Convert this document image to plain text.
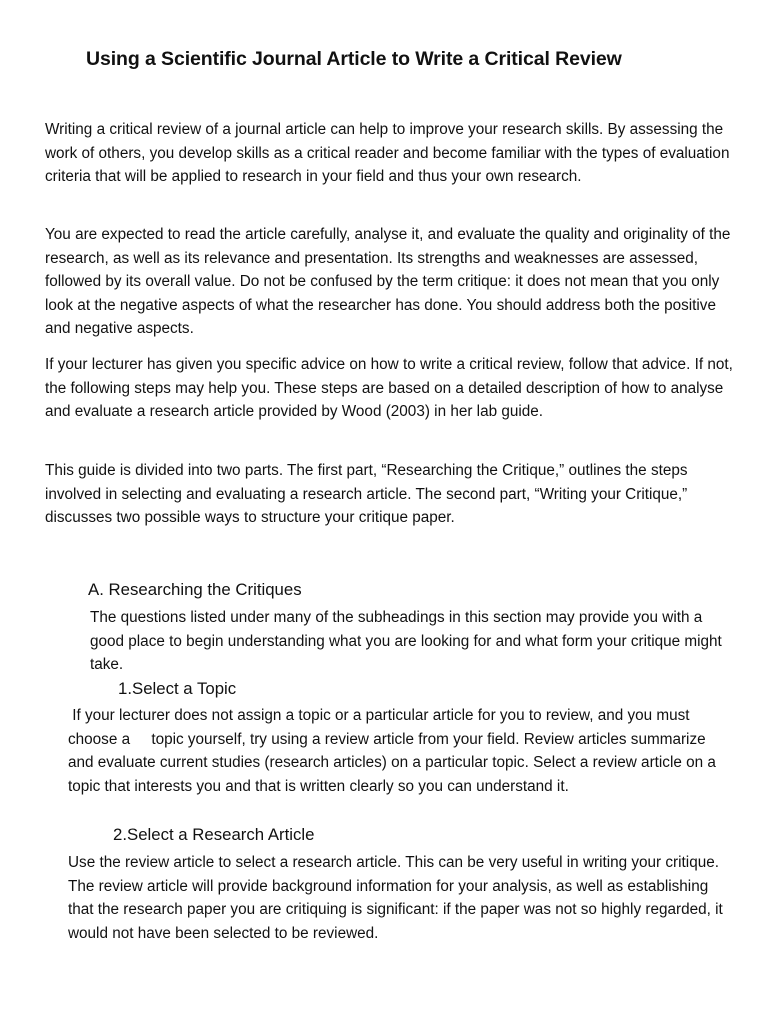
Using a Scientific Journal Article to Write a Critical Review

Writing a critical review of a journal article can help to improve your research skills. By assessing the work of others, you develop skills as a critical reader and become familiar with the types of evaluation criteria that will be applied to research in your field and thus your own research.

You are expected to read the article carefully, analyse it, and evaluate the quality and originality of the research, as well as its relevance and presentation. Its strengths and weaknesses are assessed, followed by its overall value. Do not be confused by the term critique: it does not mean that you only look at the negative aspects of what the researcher has done. You should address both the positive and negative aspects.

If your lecturer has given you specific advice on how to write a critical review, follow that advice. If not, the following steps may help you. These steps are based on a detailed description of how to analyse and evaluate a research article provided by Wood (2003) in her lab guide.

This guide is divided into two parts. The first part, “Researching the Critique,” outlines the steps involved in selecting and evaluating a research article. The second part, “Writing your Critique,” discusses two possible ways to structure your critique paper.

A. Researching the Critiques

The questions listed under many of the subheadings in this section may provide you with a good place to begin understanding what you are looking for and what form your critique might take.

1.Select a Topic

If your lecturer does not assign a topic or a particular article for you to review, and you must choose a     topic yourself, try using a review article from your field. Review articles summarize and evaluate current studies (research articles) on a particular topic. Select a review article on a topic that interests you and that is written clearly so you can understand it.

2.Select a Research Article

Use the review article to select a research article. This can be very useful in writing your critique. The review article will provide background information for your analysis, as well as establishing that the research paper you are critiquing is significant: if the paper was not so highly regarded, it would not have been selected to be reviewed.
